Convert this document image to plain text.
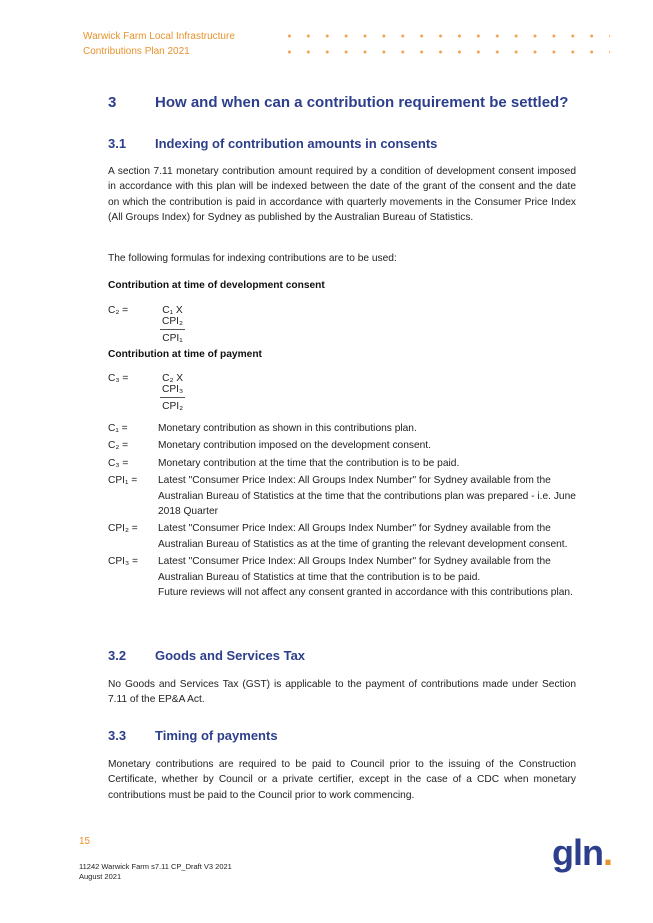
Warwick Farm Local Infrastructure
Contributions Plan 2021
3	How and when can a contribution requirement be settled?
3.1 Indexing of contribution amounts in consents

A section 7.11 monetary contribution amount required by a condition of development consent imposed in accordance with this plan will be indexed between the date of the grant of the consent and the date on which the contribution is paid in accordance with quarterly movements in the Consumer Price Index (All Groups Index) for Sydney as published by the Australian Bureau of Statistics.

The following formulas for indexing contributions are to be used:

Contribution at time of development consent
C₂ =	C₁ X CPI₂
CPI₁
Contribution at time of payment
C₃ =	C₂ X CPI₃
CPI₂
C₁ =	Monetary contribution as shown in this contributions plan.
C₂ =	Monetary contribution imposed on the development consent.
C₃ =	Monetary contribution at the time that the contribution is to be paid.
CPI₁ =	Latest "Consumer Price Index: All Groups Index Number" for Sydney available from the Australian Bureau of Statistics at the time that the contributions plan was prepared - i.e. June 2018 Quarter
CPI₂ =	Latest "Consumer Price Index: All Groups Index Number" for Sydney available from the Australian Bureau of Statistics as at the time of granting the relevant development consent.
CPI₃ =	Latest "Consumer Price Index: All Groups Index Number" for Sydney available from the Australian Bureau of Statistics at time that the contribution is to be paid.
Future reviews will not affect any consent granted in accordance with this contributions plan.
3.2 Goods and Services Tax

No Goods and Services Tax (GST) is applicable to the payment of contributions made under Section 7.11 of the EP&A Act.

3.3 Timing of payments

Monetary contributions are required to be paid to Council prior to the issuing of the Construction Certificate, whether by Council or a private certifier, except in the case of a CDC when monetary contributions must be paid to the Council prior to work commencing.

15
11242 Warwick Farm s7.11 CP_Draft V3 2021
August 2021
gln.
